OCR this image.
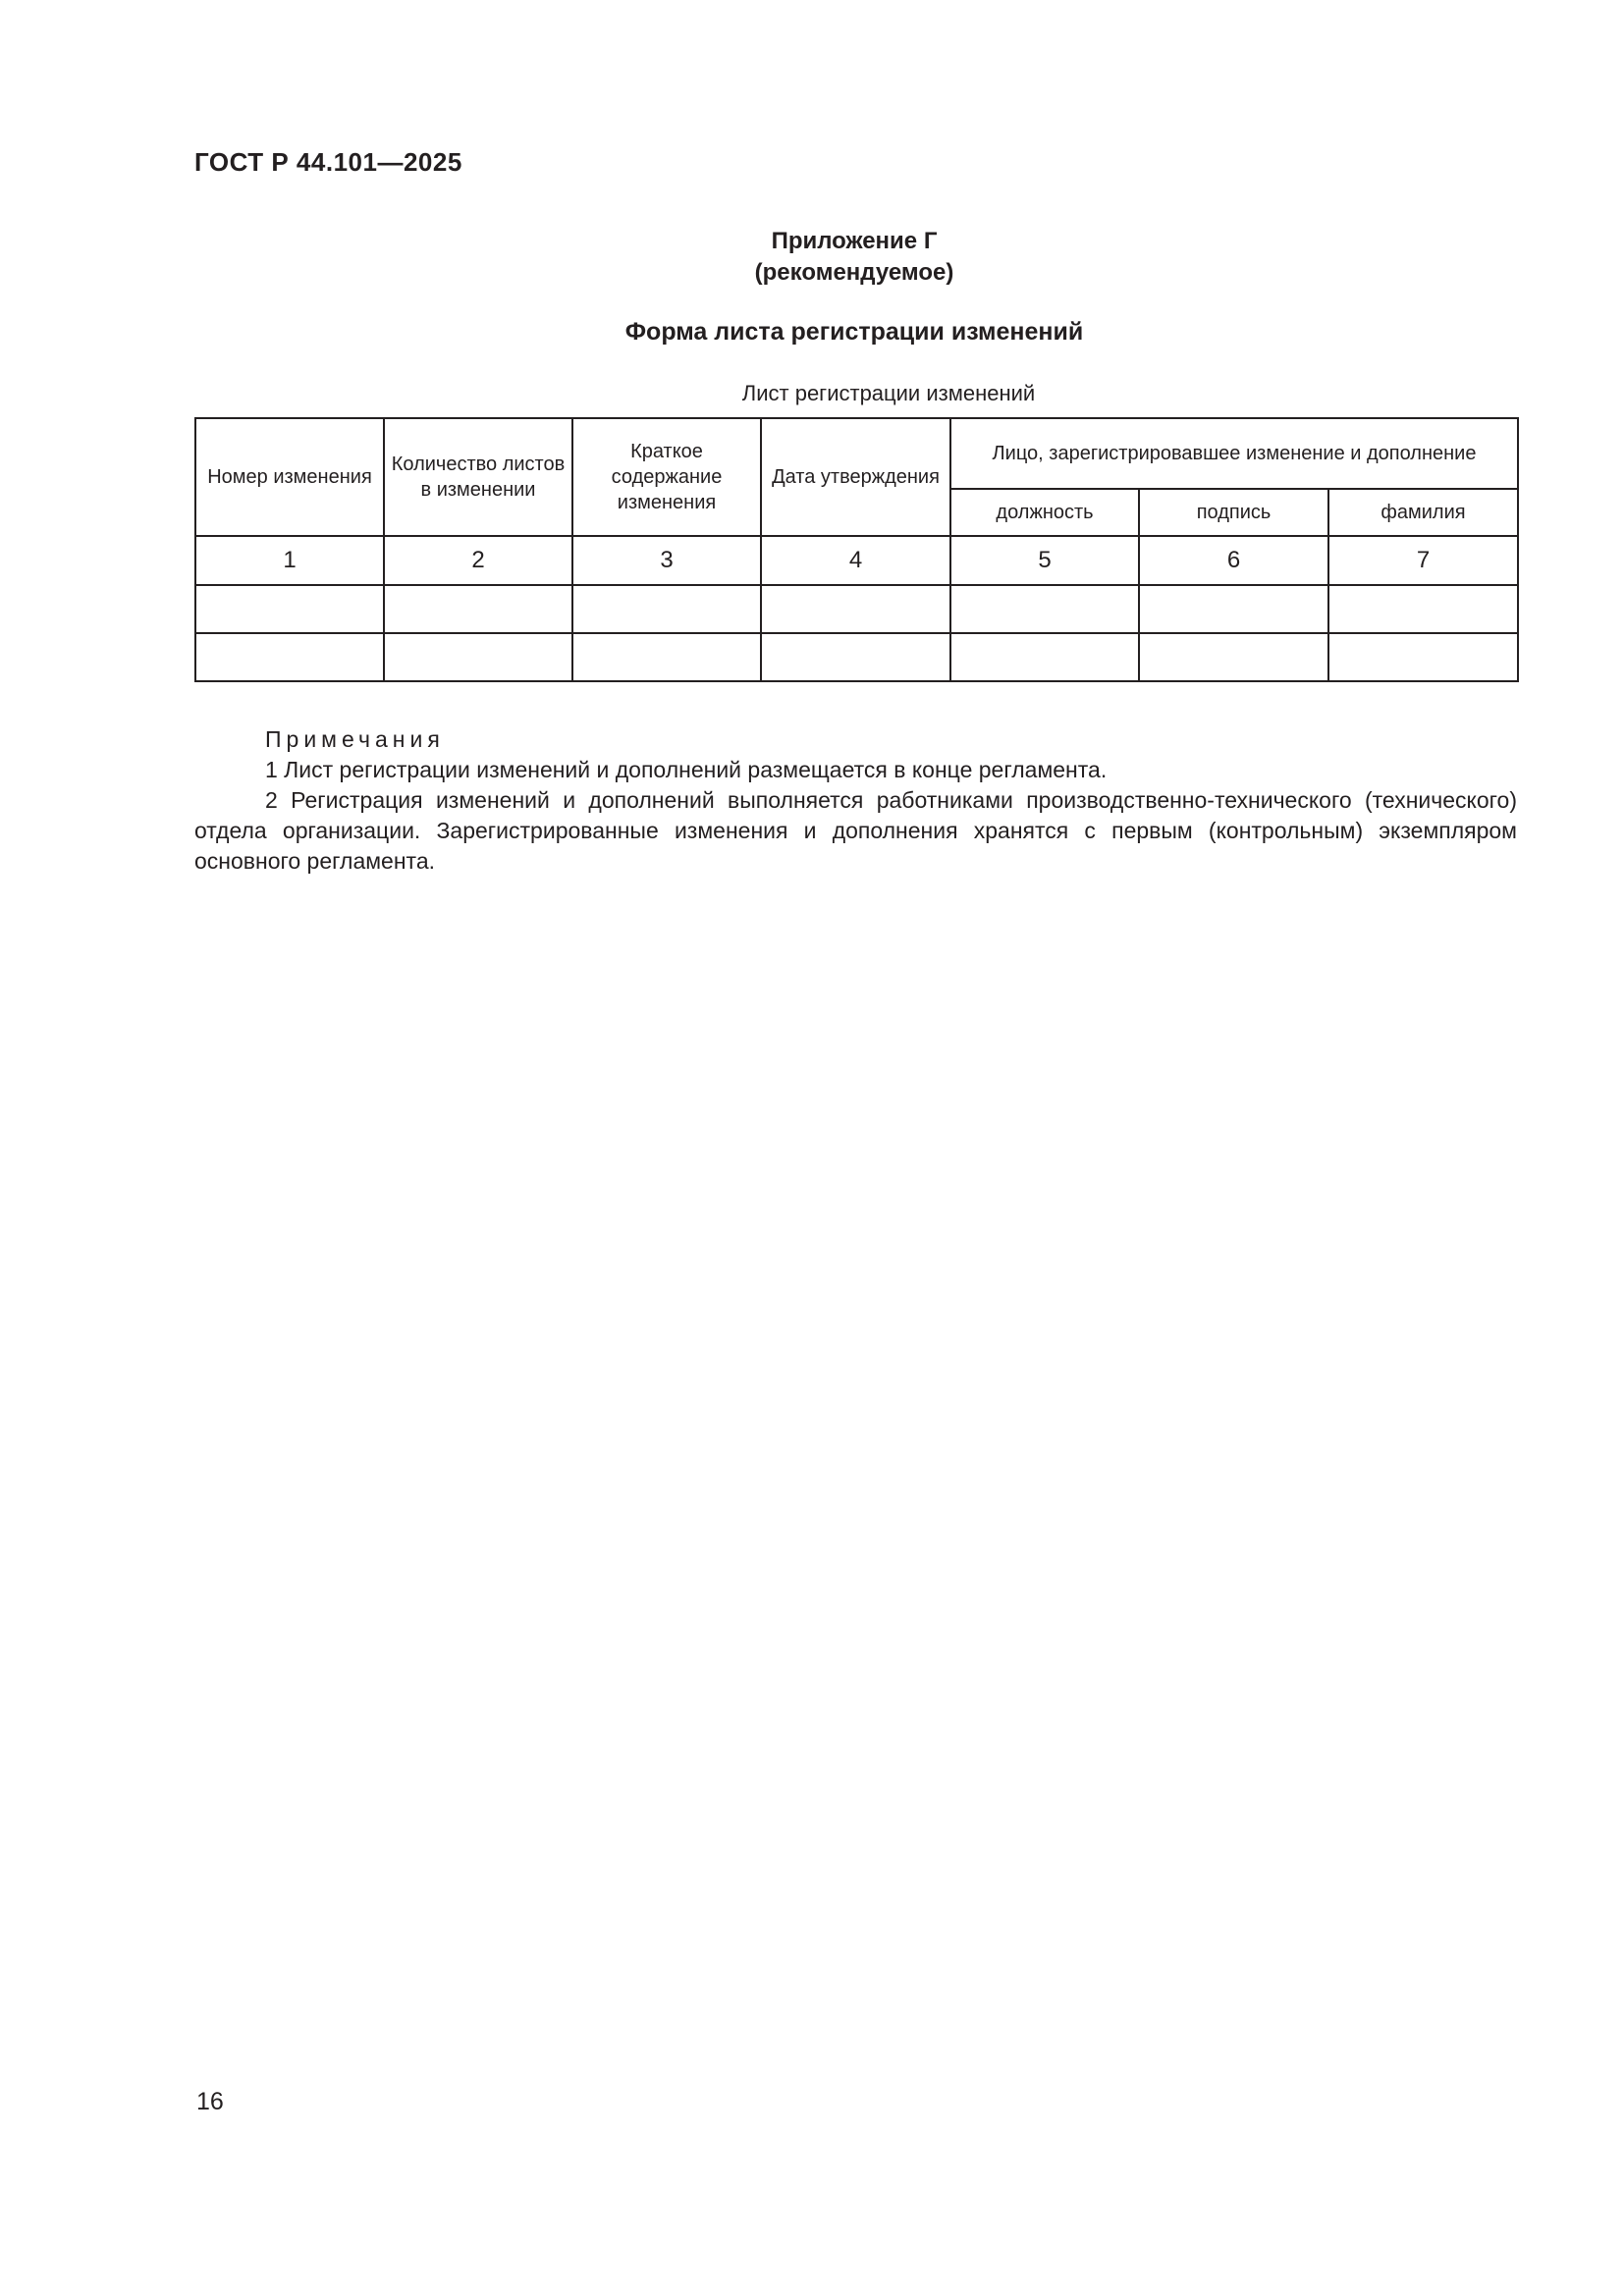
ГОСТ Р 44.101—2025
Приложение Г
(рекомендуемое)
Форма листа регистрации изменений
Лист регистрации изменений
Номер изменения	Количество листов в изменении	Краткое содержание изменения	Дата утверждения	Лицо, зарегистрировавшее изменение и дополнение		
				должность	подпись	фамилия
1	2	3	4	5	6	7

Примечания

1 Лист регистрации изменений и дополнений размещается в конце регламента.

2 Регистрация изменений и дополнений выполняется работниками производственно-технического (технического) отдела организации. Зарегистрированные изменения и дополнения хранятся с первым (контрольным) экземпляром основного регламента.

16
